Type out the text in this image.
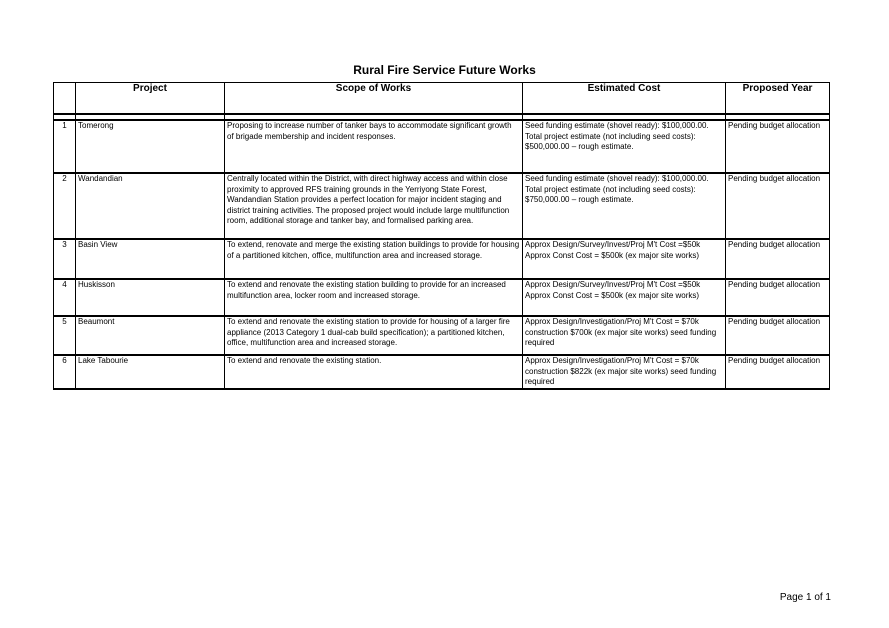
Rural Fire Service Future Works
	Project	Scope of Works	Estimated Cost	Proposed Year

1	Tomerong	Proposing to increase number of tanker bays to accommodate significant growth of brigade membership and incident responses.	Seed funding estimate (shovel ready): $100,000.00. Total project estimate (not including seed costs): $500,000.00 – rough estimate.	Pending budget allocation
2	Wandandian	Centrally located within the District, with direct highway access and within close proximity to approved RFS training grounds in the Yerriyong State Forest, Wandandian Station provides a perfect location for major incident staging and district training activities. The proposed project would include large multifunction room, additional storage and tanker bay, and formalised parking area.	Seed funding estimate (shovel ready): $100,000.00. Total project estimate (not including seed costs): $750,000.00 – rough estimate.	Pending budget allocation
3	Basin View	To extend, renovate and merge the existing station buildings to provide for housing of a partitioned kitchen, office, multifunction area and increased storage.	Approx Design/Survey/Invest/Proj M't Cost =$50k Approx Const Cost = $500k (ex major site works)	Pending budget allocation
4	Huskisson	To extend and renovate the existing station building to provide for an increased multifunction area, locker room and increased storage.	Approx Design/Survey/Invest/Proj M't Cost =$50k Approx Const Cost = $500k (ex major site works)	Pending budget allocation
5	Beaumont	To extend and renovate the existing station to provide for housing of a larger fire appliance (2013 Category 1 dual-cab build specification); a partitioned kitchen, office, multifunction area and increased storage.	Approx Design/Investigation/Proj M't Cost = $70k construction $700k (ex major site works) seed funding required	Pending budget allocation
6	Lake Tabourie	To extend and renovate the existing station.	Approx Design/Investigation/Proj M't Cost = $70k construction $822k (ex major site works) seed funding required	Pending budget allocation
Page 1 of 1
